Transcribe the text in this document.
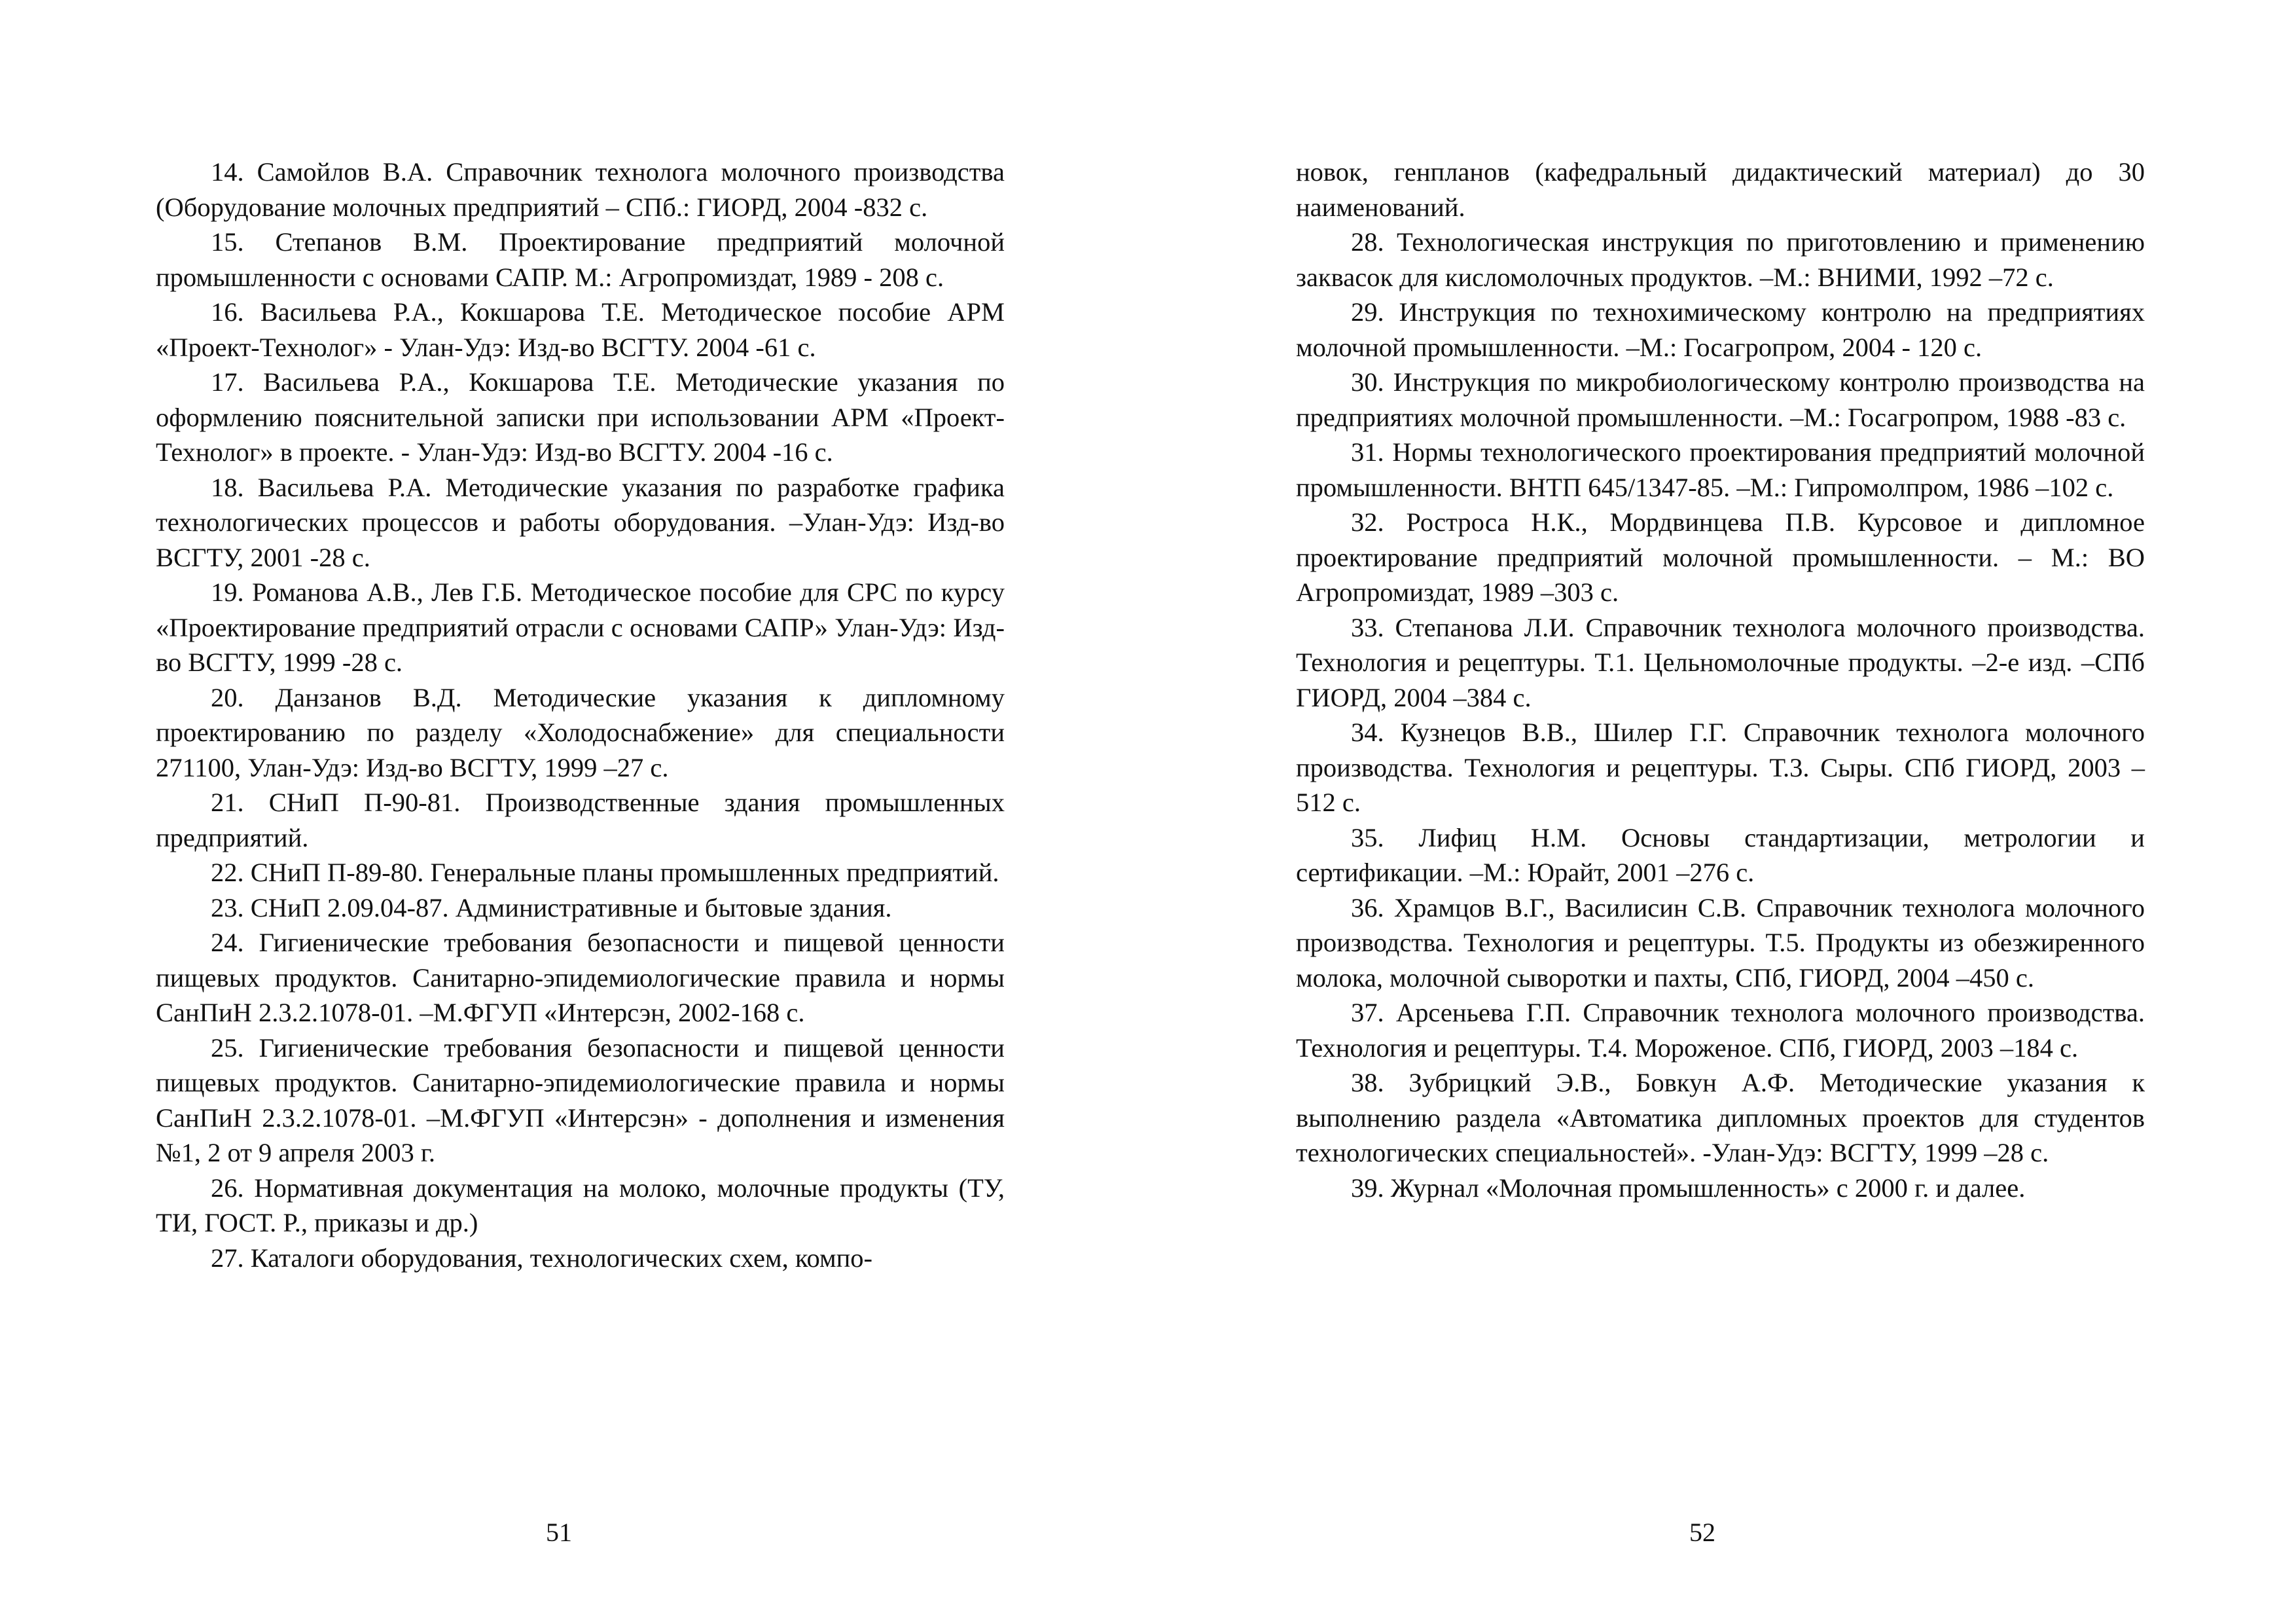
14. Самойлов В.А. Справочник технолога молочного производства (Оборудование молочных предприятий – СПб.: ГИОРД, 2004 -832 с.

15. Степанов В.М. Проектирование предприятий молочной промышленности с основами САПР. М.: Агропромиздат, 1989 - 208 с.

16. Васильева Р.А., Кокшарова Т.Е. Методическое пособие АРМ «Проект-Технолог» - Улан-Удэ: Изд-во ВСГТУ. 2004 -61 с.

17. Васильева Р.А., Кокшарова Т.Е. Методические указания по оформлению пояснительной записки при использовании АРМ «Проект-Технолог» в проекте. - Улан-Удэ: Изд-во ВСГТУ. 2004 -16 с.

18. Васильева Р.А. Методические указания по разработке графика технологических процессов и работы оборудования. –Улан-Удэ: Изд-во ВСГТУ, 2001 -28 с.

19. Романова А.В., Лев Г.Б. Методическое пособие для СРС по курсу «Проектирование предприятий отрасли с основами САПР» Улан-Удэ: Изд-во ВСГТУ, 1999 -28 с.

20. Данзанов В.Д. Методические указания к дипломному проектированию по разделу «Холодоснабжение» для специальности 271100, Улан-Удэ: Изд-во ВСГТУ, 1999 –27 с.

21. СНиП П-90-81. Производственные здания промышленных предприятий.

22. СНиП П-89-80. Генеральные планы промышленных предприятий.

23. СНиП 2.09.04-87. Административные и бытовые здания.

24. Гигиенические требования безопасности и пищевой ценности пищевых продуктов. Санитарно-эпидемиологические правила и нормы СанПиН 2.3.2.1078-01. –М.ФГУП «Интерсэн, 2002-168 с.

25. Гигиенические требования безопасности и пищевой ценности пищевых продуктов. Санитарно-эпидемиологические правила и нормы СанПиН 2.3.2.1078-01. –М.ФГУП «Интерсэн» - дополнения и изменения №1, 2 от 9 апреля 2003 г.

26. Нормативная документация на молоко, молочные продукты (ТУ, ТИ, ГОСТ. Р., приказы и др.)

27. Каталоги оборудования, технологических схем, компо-

51

новок, генпланов (кафедральный дидактический материал) до 30 наименований.

28. Технологическая инструкция по приготовлению и применению заквасок для кисломолочных продуктов. –М.: ВНИМИ, 1992 –72 с.

29. Инструкция по технохимическому контролю на предприятиях молочной промышленности. –М.: Госагропром, 2004 - 120 с.

30. Инструкция по микробиологическому контролю производства на предприятиях молочной промышленности. –М.: Госагропром, 1988 -83 с.

31. Нормы технологического проектирования предприятий молочной промышленности. ВНТП 645/1347-85. –М.: Гипромолпром, 1986 –102 с.

32. Ростроса Н.К., Мордвинцева П.В. Курсовое и дипломное проектирование предприятий молочной промышленности. – М.: ВО Агропромиздат, 1989 –303 с.

33. Степанова Л.И. Справочник технолога молочного производства. Технология и рецептуры. Т.1. Цельномолочные продукты. –2-е изд. –СПб ГИОРД, 2004 –384 с.

34. Кузнецов В.В., Шилер Г.Г. Справочник технолога молочного производства. Технология и рецептуры. Т.3. Сыры. СПб ГИОРД, 2003 –512 с.

35. Лифиц Н.М. Основы стандартизации, метрологии и сертификации. –М.: Юрайт, 2001 –276 с.

36. Храмцов В.Г., Василисин С.В. Справочник технолога молочного производства. Технология и рецептуры. Т.5. Продукты из обезжиренного молока, молочной сыворотки и пахты, СПб, ГИОРД, 2004 –450 с.

37. Арсеньева Г.П. Справочник технолога молочного производства. Технология и рецептуры. Т.4. Мороженое. СПб, ГИОРД, 2003 –184 с.

38. Зубрицкий Э.В., Бовкун А.Ф. Методические указания к выполнению раздела «Автоматика дипломных проектов для студентов технологических специальностей». -Улан-Удэ: ВСГТУ, 1999 –28 с.

39. Журнал «Молочная промышленность» с 2000 г. и далее.

52
